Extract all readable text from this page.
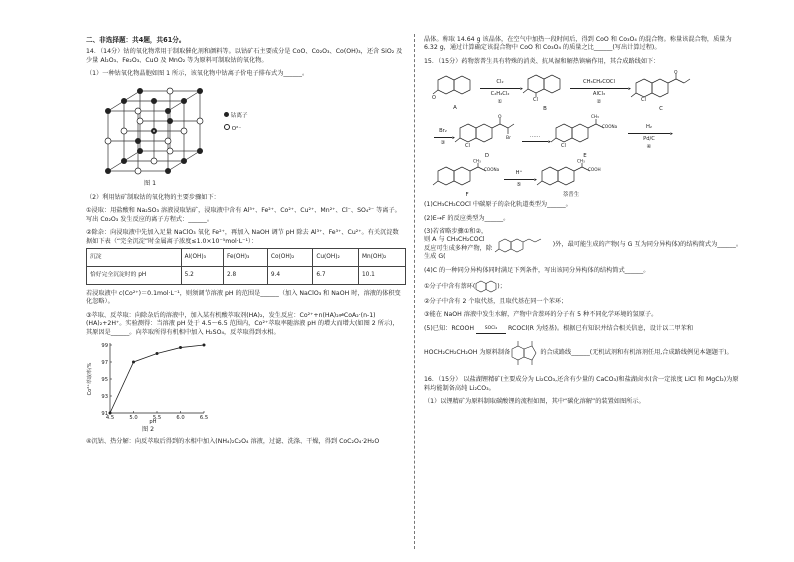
二、非选择题：共4题，共61分。

14．（14分）钴的氧化物常用于制取催化剂和颜料等。以钴矿石主要成分是 CoO、Co₂O₃、Co(OH)₃，还含 SiO₂ 及少量 Al₂O₃、Fe₂O₃、CuO 及 MnO₂ 等为原料可制取钴的氧化物。

（1）一种钴氧化物晶胞如图 1 所示，该氧化物中钴离子价电子排布式为______。

钴离子
O²⁻
图 1

（2）利用钴矿制取钴的氧化物的主要步骤如下：

①浸取：用盐酸和 Na₂SO₃ 溶液浸取钴矿，浸取液中含有 Al³⁺、Fe²⁺、Co²⁺、Cu²⁺、Mn²⁺、Cl⁻、SO₄²⁻ 等离子。写出 Co₂O₃ 发生反应的离子方程式：______。

②除杂：向浸取液中先加入足量 NaClO₃ 氧化 Fe²⁺，再加入 NaOH 调节 pH 除去 Al³⁺、Fe³⁺、Cu²⁺。有关沉淀数据如下表（“完全沉淀”时金属离子浓度≤1.0×10⁻⁵mol·L⁻¹）：

沉淀	Al(OH)₃	Fe(OH)₃	Co(OH)₂	Cu(OH)₂	Mn(OH)₂
恰好完全沉淀时的 pH	5.2	2.8	9.4	6.7	10.1

若浸取液中 c(Co²⁺)＝0.1mol·L⁻¹，则须调节溶液 pH 的范围是______（加入 NaClO₃ 和 NaOH 时，溶液的体积变化忽略）。

③萃取、反萃取：向除杂后的溶液中，加入某有机酸萃取剂(HA)₂，发生反应：Co²⁺+n(HA)₂⇌CoA₂·(n-1)(HA)₂+2H⁺。实验测得：当溶液 pH 处于 4.5～6.5 范围内，Co²⁺萃取率随溶液 pH 的增大而增大(如图 2 所示)，其原因是______。向萃取所得有机相中加入 H₂SO₄，反萃取得到水相。

91
93
95
97
99
4.5	5.0	5.5	6.0	6.5
Co²⁺萃取率/%
pH
图 2

④沉钴、热分解：向反萃取后得到的水相中加入(NH₄)₂C₂O₄ 溶液，过滤、洗涤、干燥，得到 CoC₂O₄·2H₂O

晶体。称取 14.64 g 该晶体，在空气中加热一段时间后，得到 CoO 和 Co₃O₄ 的混合物。称量该混合物，质量为 6.32 g，通过计算确定该混合物中 CoO 和 Co₃O₄ 的质量之比______(写出计算过程)。

15．（15分）药物萘普生具有特殊的消炎、抗风湿和解热镇痛作用，其合成路线如下：

O
A
Cl₂
▸
C₂H₄Cl₂
①	Cl
B
CH₃CH₂COCl
▸
AlCl₃
②
O
Cl
C
Br₂
▸
③
O
Br
Cl
D
……
▸
CH₃
COONa
Cl
E
H₂
▸
Pd/C
④
CH₃
COONa
F
H⁺
▸
⑤
CH₃
COOH
萘普生

(1)CH₃CH₂COCl 中碳原子的杂化轨道类型为______。

(2)E→F 的反应类型为______。

(3)若省略步骤①和②，则 A 与 CH₃CH₂COCl 反应可生成多种产物，除生成 G(
)外，最可能生成的产物(与 G 互为同分异构体)的结构简式为______。

(4)C 的一种同分异构体同时满足下列条件，写出该同分异构体的结构简式______。

①分子中含有萘环(	)；

②分子中含有 2 个取代基，且取代基在同一个苯环；

③能在 NaOH 溶液中发生水解，产物中含萘环的分子有 5 种不同化学环境的氢原子。

(5)已知：RCOOH	SOCl₂	RCOCl(R 为烃基)。根据已有知识并结合相关信息，设计以二甲苯和
HOCH₂CH₂CH₂OH 为原料制备	的合成路线______(无机试剂和有机溶剂任用,合成路线例见本题题干)。

16．（15分） 以盐湖锂精矿(主要成分为 Li₂CO₃,还含有少量的 CaCO₃)和盐湖卤水(含一定浓度 LiCl 和 MgCl₂)为原料均能制备高纯 Li₂CO₃。

（1）以锂精矿为原料制取碳酸锂的流程如图，其中“碳化溶解”的装置如图所示。
